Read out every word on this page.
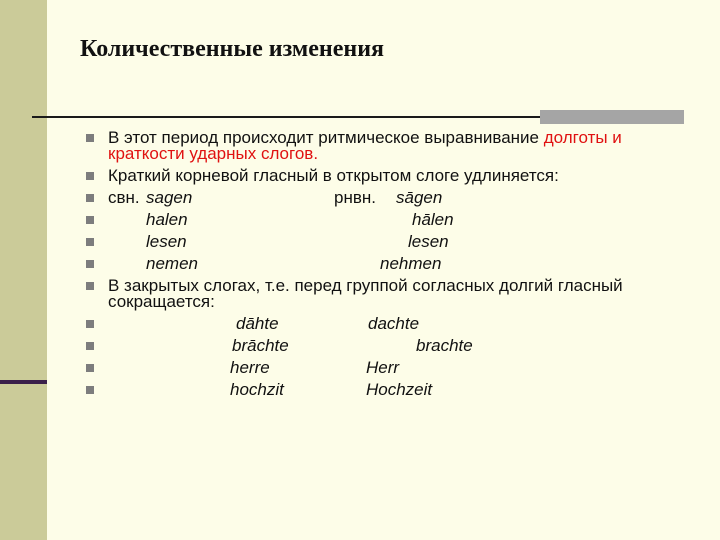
Количественные изменения
В этот период происходит ритмическое выравнивание долготы и краткости ударных слогов.
Краткий корневой гласный в открытом слоге удлиняется:
свн. sagen	рнвн. sāgen
halen	hālen
lesen	lesen
nemen	nehmen
В закрытых слогах, т.е. перед группой согласных долгий гласный сокращается:
dāhte	dachte
brāchte	brachte
herre	Herr
hochzit	Hochzeit
